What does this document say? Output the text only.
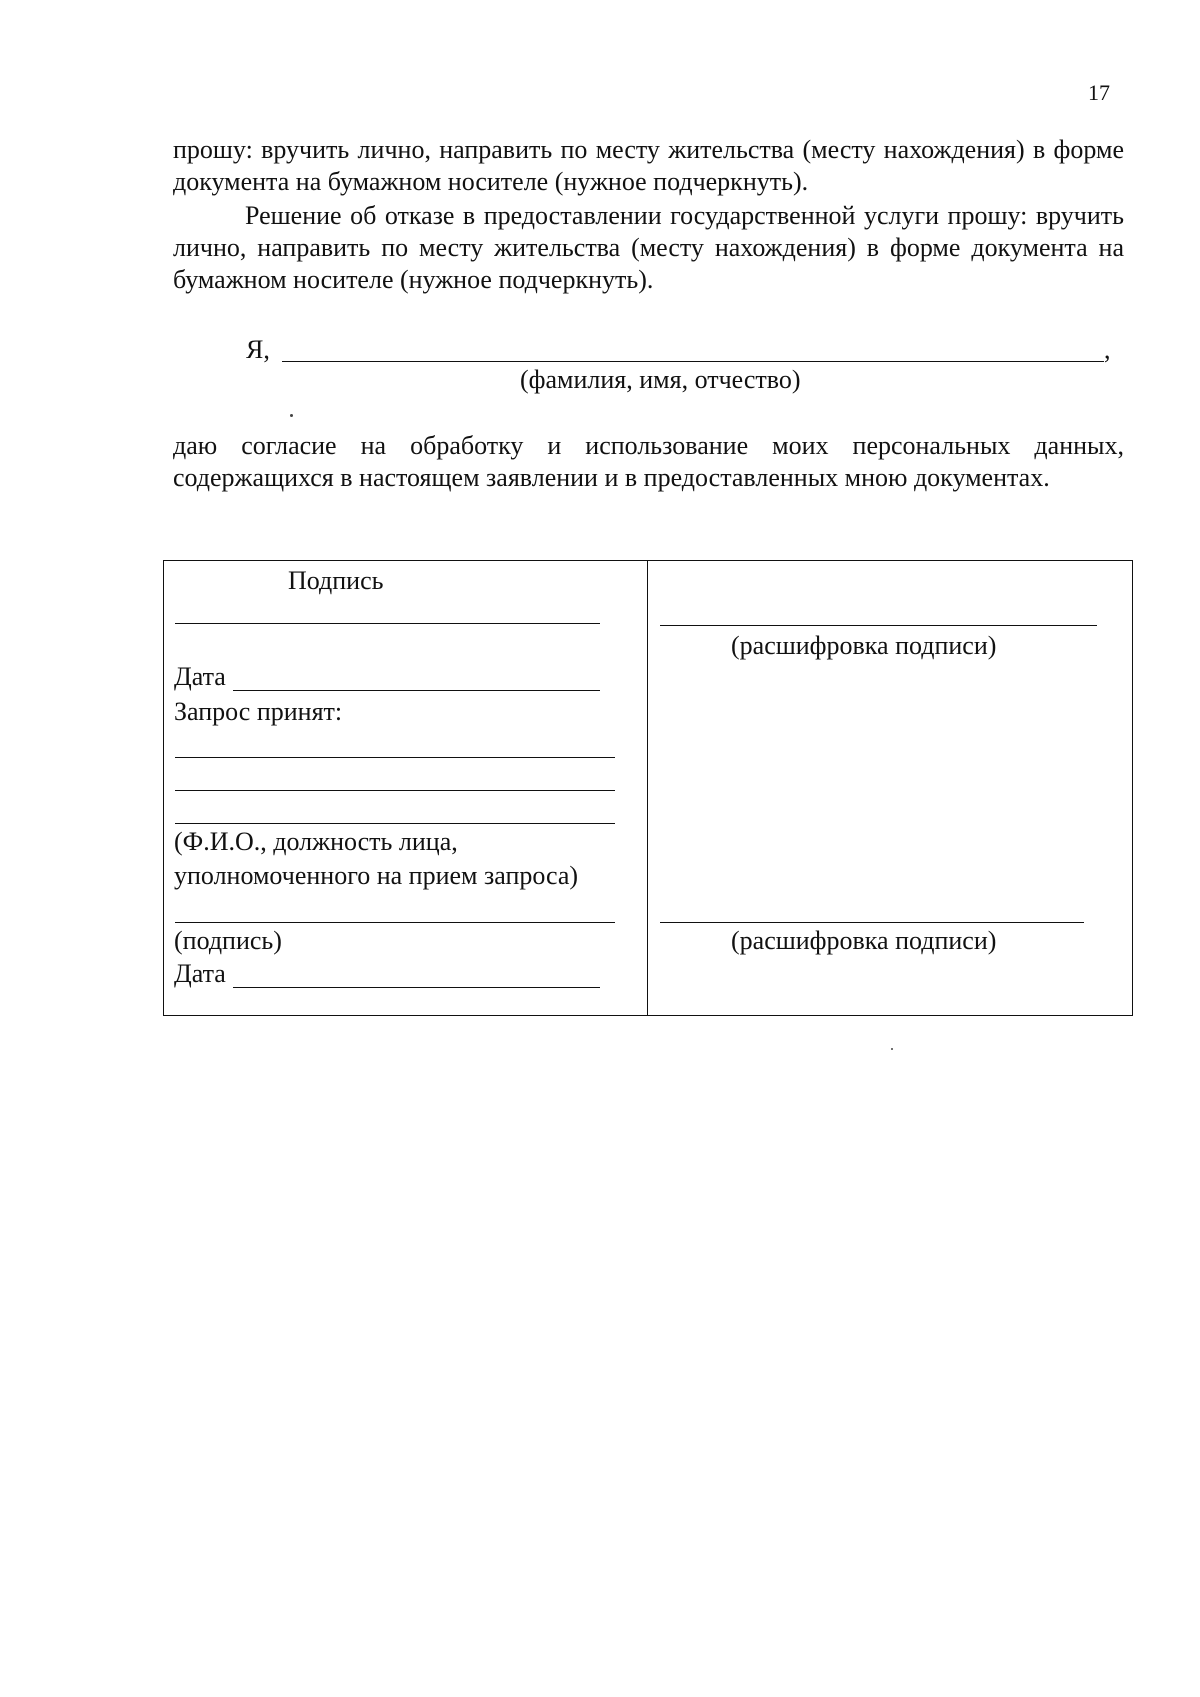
17
прошу: вручить лично, направить по месту жительства (месту нахождения) в форме документа на бумажном носителе (нужное подчеркнуть).
Решение об отказе в предоставлении государственной услуги прошу: вручить лично, направить по месту жительства (месту нахождения) в форме документа на бумажном носителе (нужное подчеркнуть).
Я,	,
(фамилия, имя, отчество)
даю согласие на обработку и использование моих персональных данных, содержащихся в настоящем заявлении и в предоставленных мною документах.
Подпись
Дата
Запрос принят:
(Ф.И.О., должность лица,
уполномоченного на прием запроса)
(подпись)
Дата
(расшифровка подписи)
(расшифровка подписи)
